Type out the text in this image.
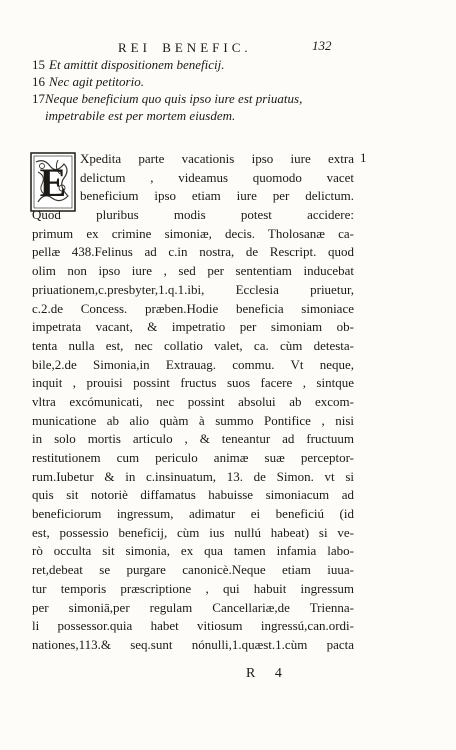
REI BENEFIC.	132
15 Et amittit dispositionem beneficij.
16 Nec agit petitorio.
17 Neque beneficium quo quis ipso iure est priuatus, impetrabile est per mortem eiusdem.
E
1
Xpedita parte vacationis ipso iure extra
delictum , videamus quomodo vacet
beneficium ipso etiam iure per delictum.
Quod pluribus modis potest accidere:
primum ex crimine simoniæ, decis. Tholosanæ ca-
pellæ 438.Felinus ad c.in nostra, de Rescript. quod
olim non ipso iure , sed per sententiam inducebat
priuationem,c.presbyter,1.q.1.ibi, Ecclesia priuetur,
c.2.de Concess. præben.Hodie beneficia simoniace
impetrata vacant, & impetratio per simoniam ob-
tenta nulla est, nec collatio valet, ca. cùm detesta-
bile,2.de Simonia,in Extrauag. commu. Vt neque,
inquit , prouisi possint fructus suos facere , sintque
vltra excómunicati, nec possint absolui ab excom-
municatione ab alio quàm à summo Pontifice , nisi
in solo mortis articulo , & teneantur ad fructuum
restitutionem cum periculo animæ suæ perceptor-
rum.Iubetur & in c.insinuatum, 13. de Simon. vt si
quis sit notoriè diffamatus habuisse simoniacum ad
beneficiorum ingressum, adimatur ei beneficiú (id
est, possessio beneficij, cùm ius nullú habeat) si ve-
rò occulta sit simonia, ex qua tamen infamia labo-
ret,debeat se purgare canonicè.Neque etiam iuua-
tur temporis præscriptione , qui habuit ingressum
per simoniā,per regulam Cancellariæ,de Trienna-
li possessor.quia habet vitiosum ingressú,can.ordi-
nationes,113.& seq.sunt nónulli,1.quæst.1.cùm pacta
R 4
